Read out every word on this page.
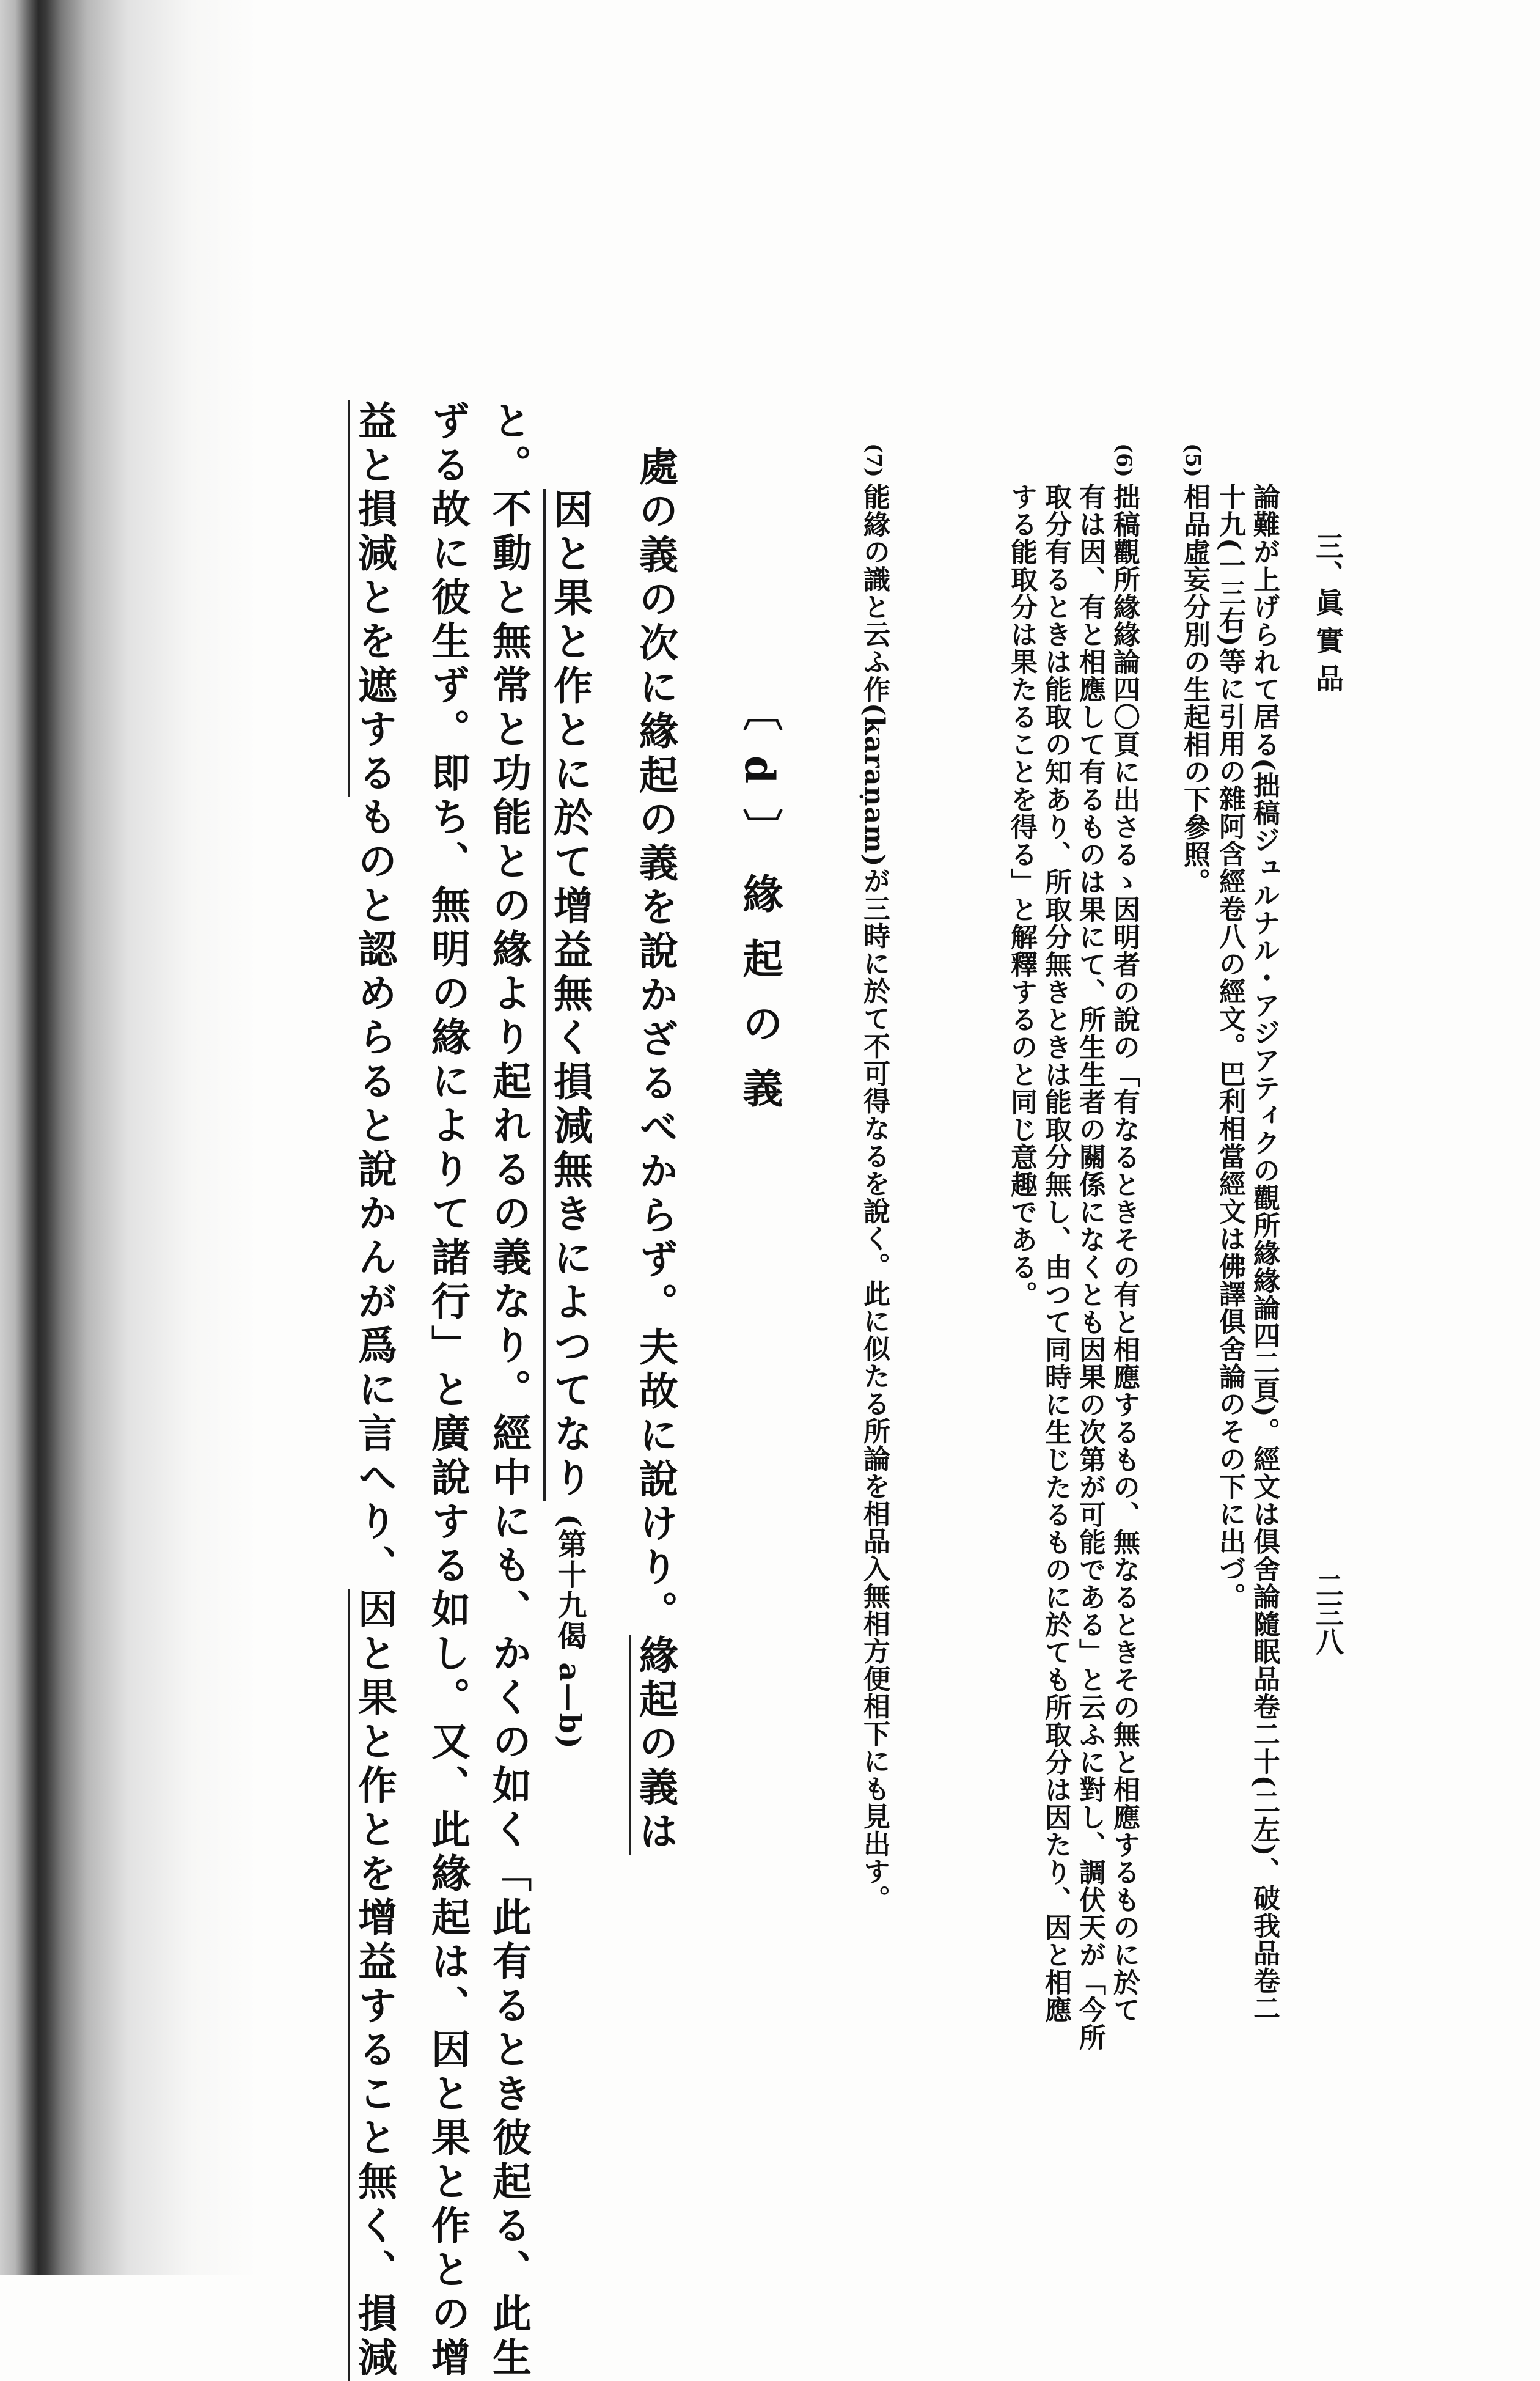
三、眞 實 品
二三八
論難が上げられて居る(拙稿ジュルナル・アジアティクの觀所緣緣論四二頁)。經文は俱舍論隨眠品卷二十(二左)、破我品卷二
十九(一三右)等に引用の雜阿含經卷八の經文。巴利相當經文は佛譯俱舍論のその下に出づ。
(5)
相品虛妄分別の生起相の下參照。
(6)
拙稿觀所緣緣論四〇頁に出さるゝ因明者の說の「有なるときその有と相應するもの、無なるときその無と相應するものに於て
有は因、有と相應して有るものは果にて、所生生者の關係になくとも因果の次第が可能である」と云ふに對し、調伏天が「今所
取分有るときは能取の知あり、所取分無きときは能取分無し、由つて同時に生じたるものに於ても所取分は因たり、因と相應
する能取分は果たることを得る」と解釋するのと同じ意趣である。
(7)
能緣の識と云ふ作(karaṇam)が三時に於て不可得なるを說く。此に似たる所論を相品入無相方便相下にも見出す。
〔d〕緣起の義
處の義の次に緣起の義を說かざるべからず。夫故に說けり。緣起の義は
因と果と作とに於て增益無く損減無きによつてなり(第十九偈 a—b)
と。不動と無常と功能との緣より起れるの義なり。經中にも、かくの如く「此有るとき彼起る、此生
ずる故に彼生ず。即ち、無明の緣によりて諸行」と廣說する如し。又、此緣起は、因と果と作との增
益と損減とを遮するものと認めらると說かんが爲に言へり、因と果と作とを增益すること無く、損減
